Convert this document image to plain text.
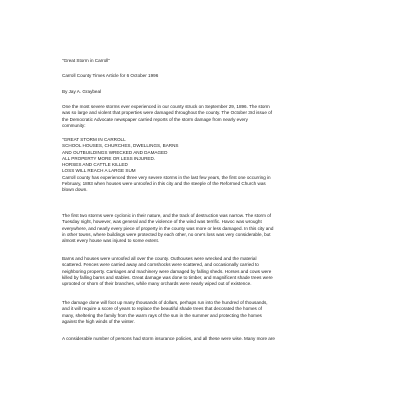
"Great Storm in Carroll"

Carroll County Times Article for 6 October 1996

By Jay A. Graybeal

One the most severe storms ever experienced in our county struck on September 29, 1896. The storm
was so large and violent that properties were damaged throughout the county. The October 3rd issue of
the Democratic Advocate newspaper carried reports of the storm damage from nearly every
community:

"GREAT STORM IN CARROLL
SCHOOL HOUSES, CHURCHES, DWELLINGS, BARNS
AND OUTBUILDINGS WRECKED AND DAMAGED
ALL PROPERTY MORE OR LESS INJURED.
HORSES AND CATTLE KILLED
LOSS WILL REACH A LARGE SUM
Carroll county has experienced three very severe storms in the last few years, the first one occurring in
February, 1893 when houses were unroofed in this city and the steeple of the Reformed Church was
blown down.

The first two storms were cyclonic in their nature, and the track of destruction was narrow. The storm of
Tuesday night, however, was general and the violence of the wind was terrific. Havoc was wrought
everywhere, and nearly every piece of property in the county was more or less damaged. In this city and
in other towns, where buildings were protected by each other, no one's loss was very considerable, but
almost every house was injured to some extent.

Barns and houses were unroofed all over the county. Outhouses were wrecked and the material
scattered. Fences were carried away and cornshocks were scattered, and occasionally carried to
neighboring property. Carriages and machinery were damaged by falling sheds. Horses and cows were
killed by falling barns and stables. Great damage was done to timber, and magnificent shade trees were
uprooted or shorn of their branches, while many orchards were nearly wiped out of existence.

The damage done will foot up many thousands of dollars, perhaps run into the hundred of thousands,
and it will require a score of years to replace the beautiful shade trees that decorated the homes of
many, sheltering the family from the warm rays of the sun in the summer and protecting the homes
against the high winds of the winter.

A considerable number of persons had storm insurance policies, and all these were wise. Many more are
